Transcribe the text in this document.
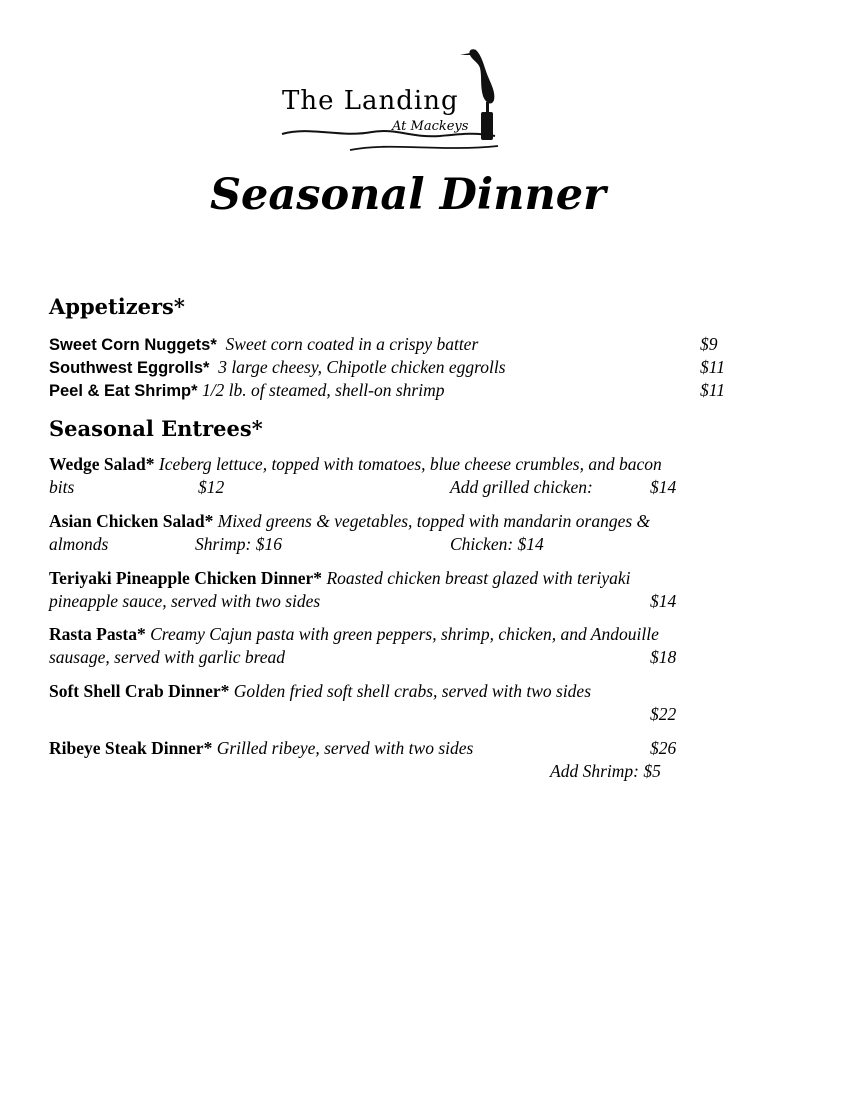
The Landing
At Mackeys
Seasonal Dinner
Appetizers*
Sweet Corn Nuggets* Sweet corn coated in a crispy batter	$9
Southwest Eggrolls* 3 large cheesy, Chipotle chicken eggrolls	$11
Peel & Eat Shrimp* 1/2 lb. of steamed, shell-on shrimp	$11
Seasonal Entrees*
Wedge Salad* Iceberg lettuce, topped with tomatoes, blue cheese crumbles, and bacon
bits	$12	Add grilled chicken:	$14
Asian Chicken Salad* Mixed greens & vegetables, topped with mandarin oranges &
almonds	Shrimp: $16	Chicken: $14
Teriyaki Pineapple Chicken Dinner* Roasted chicken breast glazed with teriyaki
pineapple sauce, served with two sides	$14
Rasta Pasta* Creamy Cajun pasta with green peppers, shrimp, chicken, and Andouille
sausage, served with garlic bread	$18
Soft Shell Crab Dinner* Golden fried soft shell crabs, served with two sides
$22
Ribeye Steak Dinner* Grilled ribeye, served with two sides	$26
Add Shrimp: $5
